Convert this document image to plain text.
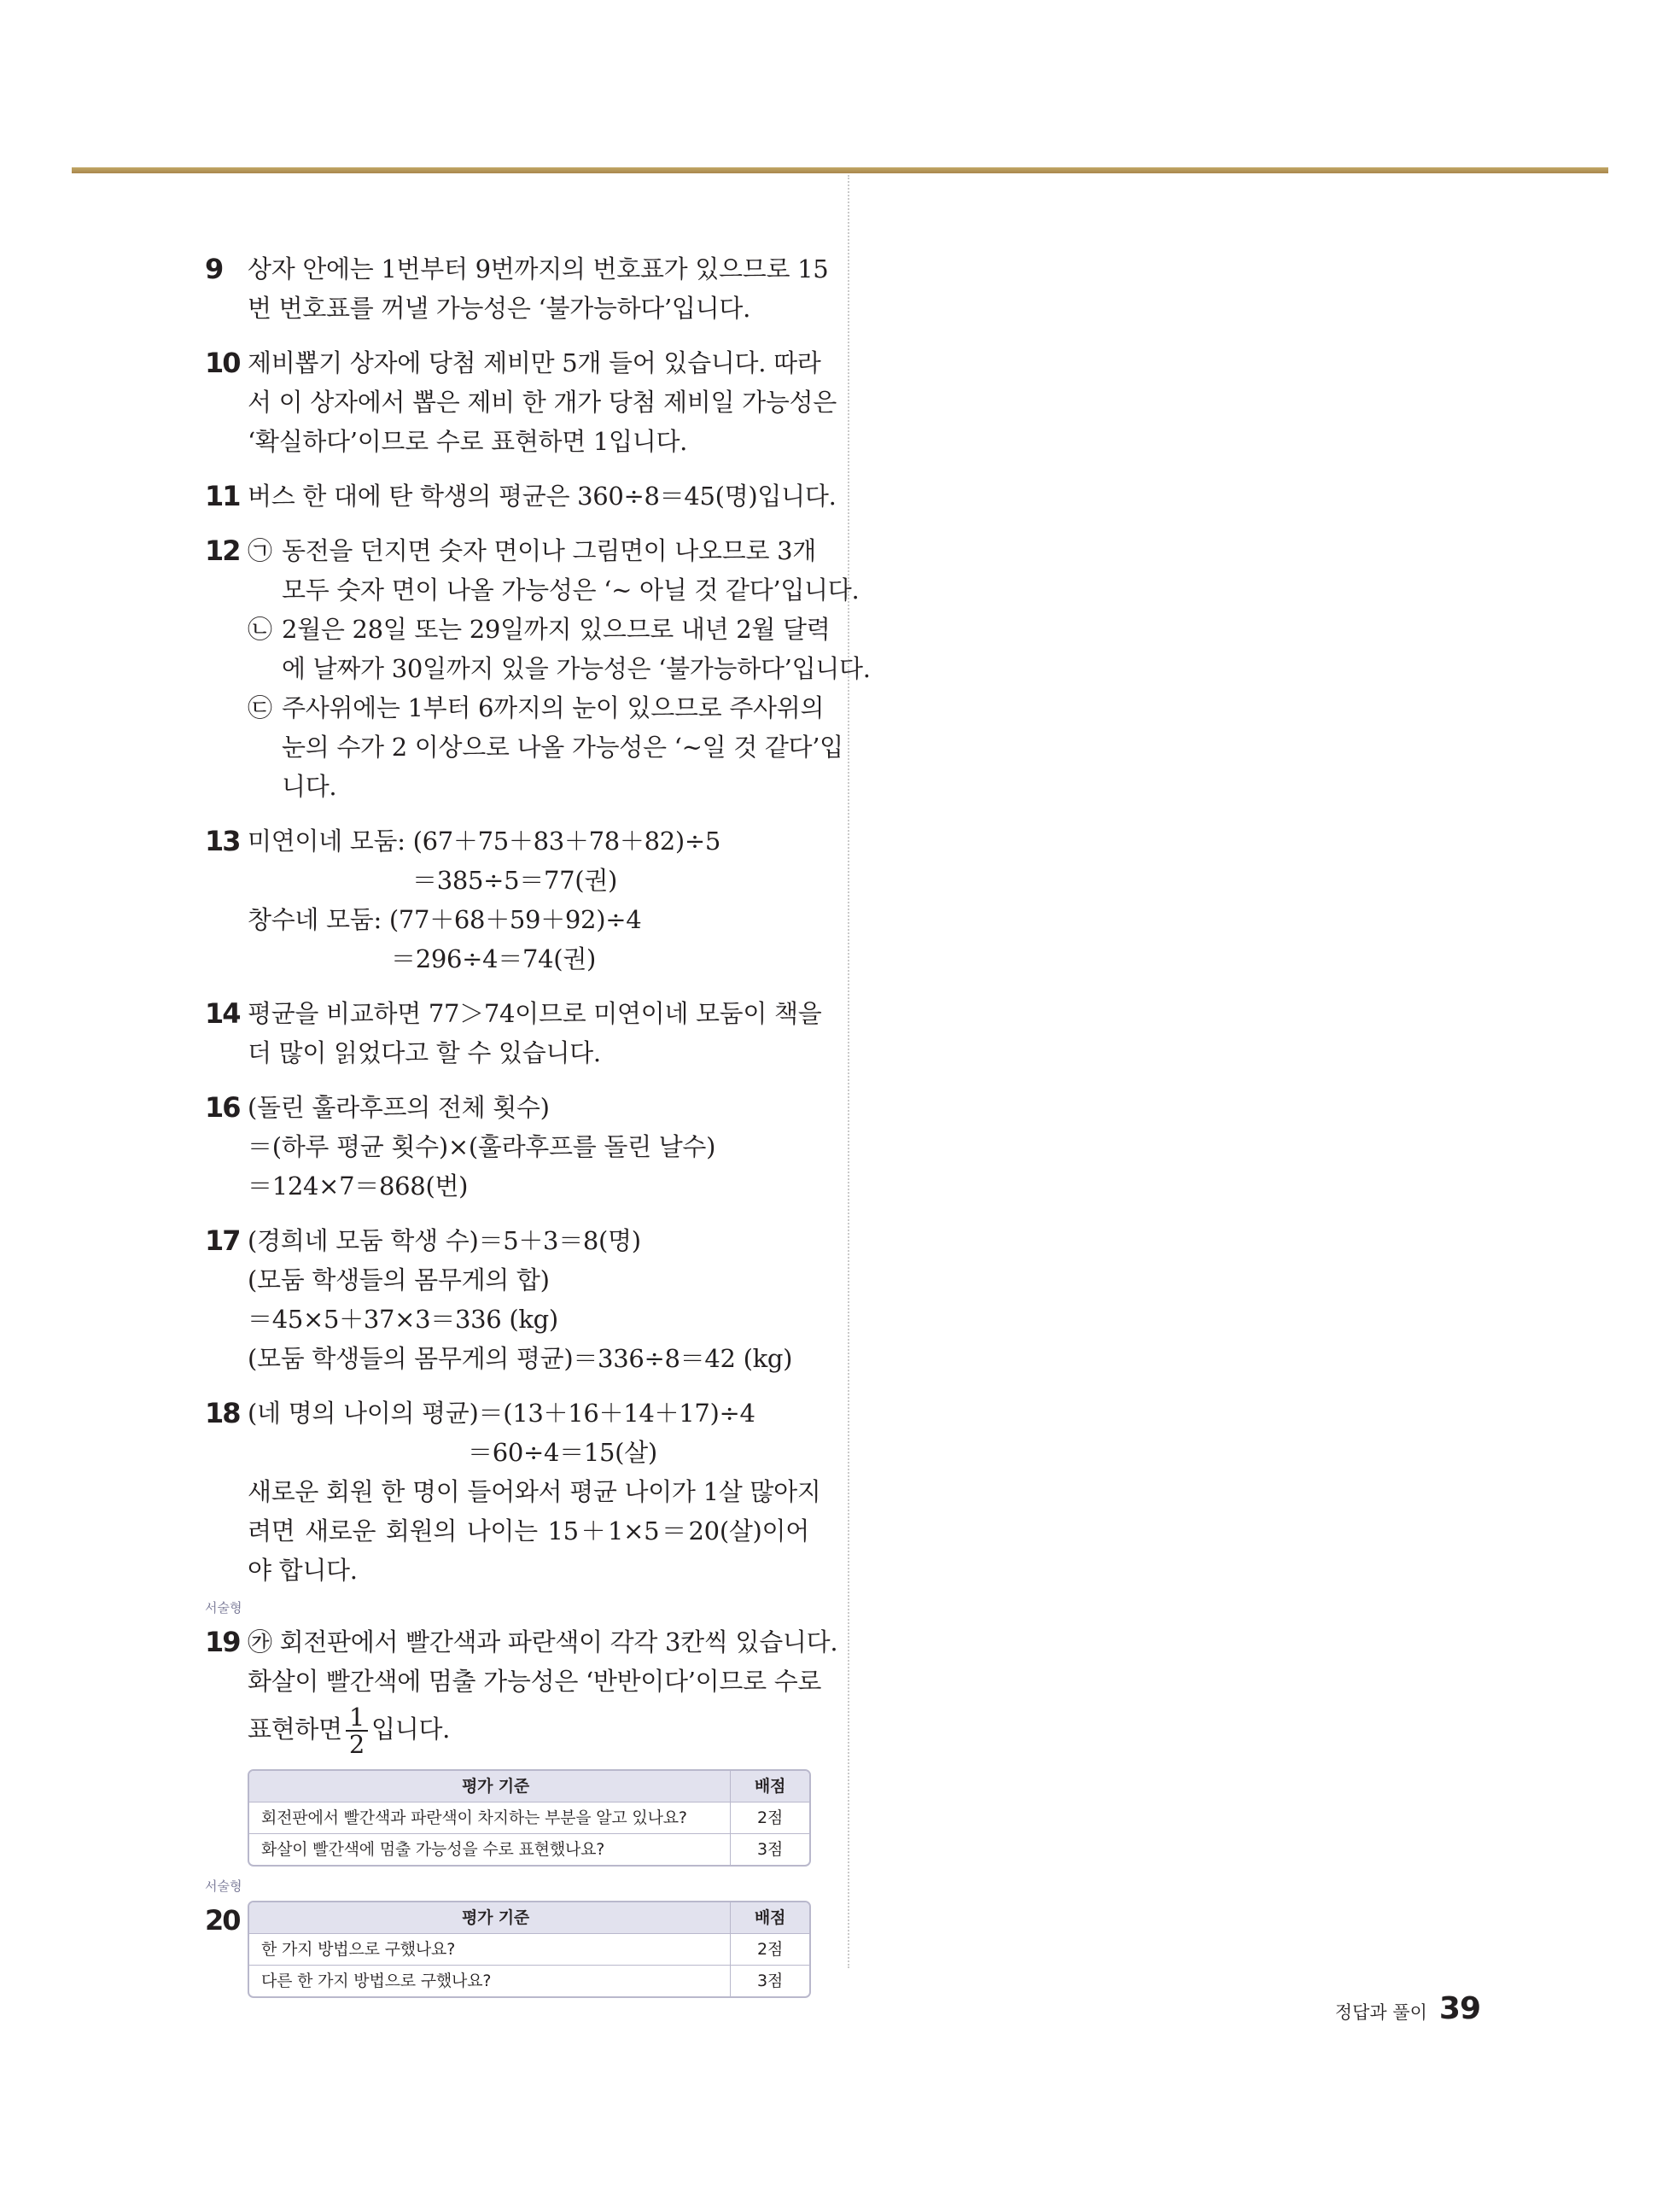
9 상자 안에는 1번부터 9번까지의 번호표가 있으므로 15
번 번호표를 꺼낼 가능성은 ‘불가능하다’입니다.
10 제비뽑기 상자에 당첨 제비만 5개 들어 있습니다. 따라
서 이 상자에서 뽑은 제비 한 개가 당첨 제비일 가능성은
‘확실하다’이므로 수로 표현하면 1입니다.
11 버스 한 대에 탄 학생의 평균은 360÷8＝45(명)입니다.
12 ㉠ 동전을 던지면 숫자 면이나 그림면이 나오므로 3개
모두 숫자 면이 나올 가능성은 ‘~ 아닐 것 같다’입니다.
㉡ 2월은 28일 또는 29일까지 있으므로 내년 2월 달력
에 날짜가 30일까지 있을 가능성은 ‘불가능하다’입니다.
㉢ 주사위에는 1부터 6까지의 눈이 있으므로 주사위의
눈의 수가 2 이상으로 나올 가능성은 ‘~일 것 같다’입
니다.
13 미연이네 모둠: (67＋75＋83＋78＋82)÷5
＝385÷5＝77(권)
창수네 모둠: (77＋68＋59＋92)÷4
＝296÷4＝74(권)
14 평균을 비교하면 77＞74이므로 미연이네 모둠이 책을
더 많이 읽었다고 할 수 있습니다.
16 (돌린 훌라후프의 전체 횟수)
＝(하루 평균 횟수)×(훌라후프를 돌린 날수)
＝124×7＝868(번)
17 (경희네 모둠 학생 수)＝5＋3＝8(명)
(모둠 학생들의 몸무게의 합)
＝45×5＋37×3＝336 (kg)
(모둠 학생들의 몸무게의 평균)＝336÷8＝42 (kg)
18 (네 명의 나이의 평균)＝(13＋16＋14＋17)÷4
＝60÷4＝15(살)
새로운 회원 한 명이 들어와서 평균 나이가 1살 많아지
려면 새로운 회원의 나이는 15＋1×5＝20(살)이어
야 합니다.
서술형
19 ㉮ 회전판에서 빨간색과 파란색이 각각 3칸씩 있습니다.
화살이 빨간색에 멈출 가능성은 ‘반반이다’이므로 수로
표현하면 $\frac{1}{2}$ 입니다.
평가 기준	배점
회전판에서 빨간색과 파란색이 차지하는 부분을 알고 있나요?	2점
화살이 빨간색에 멈출 가능성을 수로 표현했나요?	3점
서술형
20	평가 기준	배점
한 가지 방법으로 구했나요?	2점
다른 한 가지 방법으로 구했나요?	3점
정답과 풀이 39
